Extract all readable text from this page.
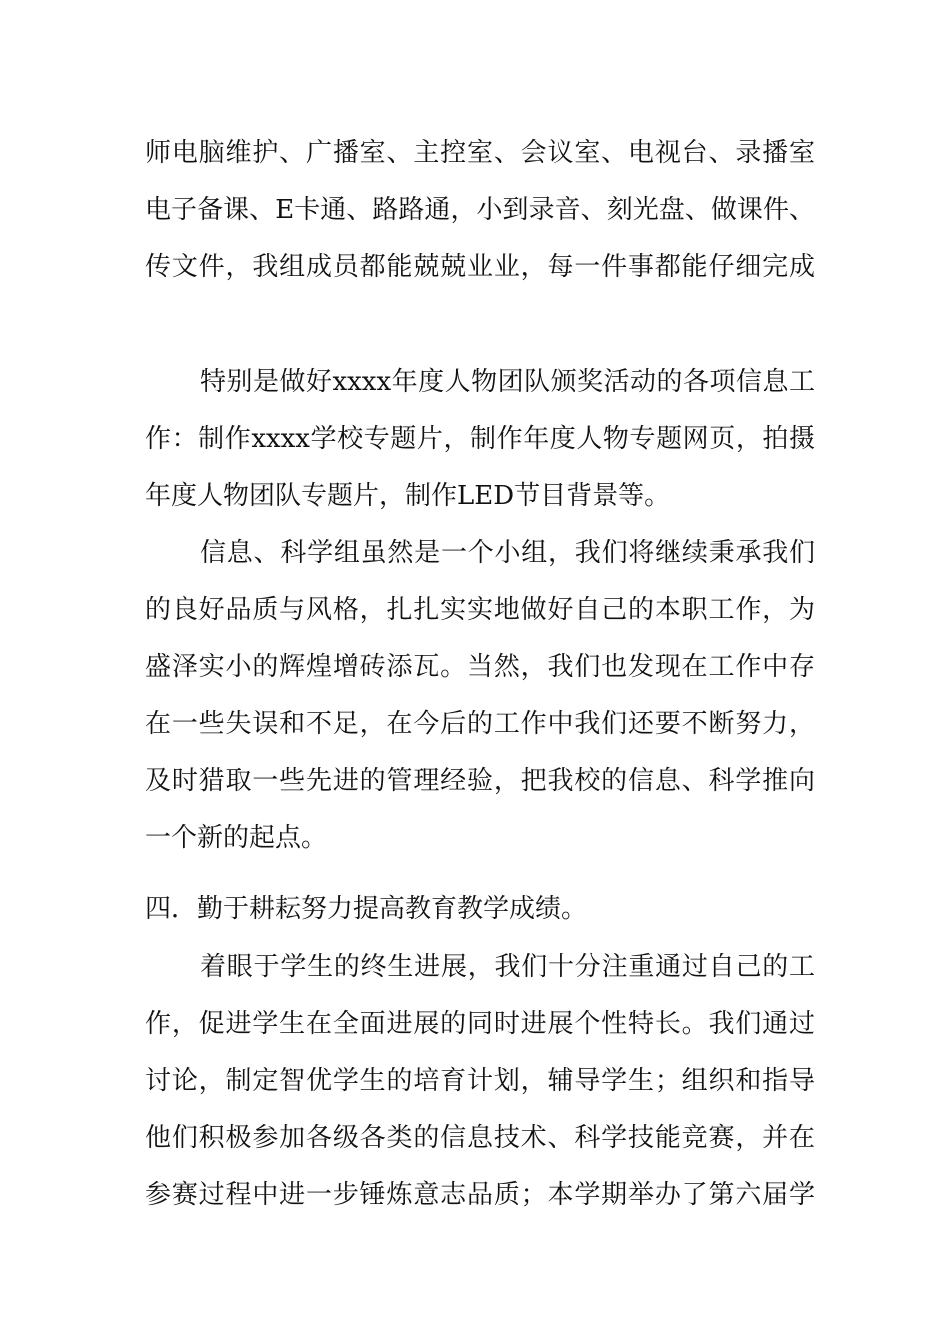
师电脑维护、广播室、主控室、会议室、电视台、录播室
电子备课、E卡通、路路通，小到录音、刻光盘、做课件、
传文件，我组成员都能兢兢业业，每一件事都能仔细完成
特别是做好xxxx年度人物团队颁奖活动的各项信息工
作：制作xxxx学校专题片，制作年度人物专题网页，拍摄
年度人物团队专题片，制作LED节目背景等。
信息、科学组虽然是一个小组，我们将继续秉承我们
的良好品质与风格，扎扎实实地做好自己的本职工作，为
盛泽实小的辉煌增砖添瓦。当然，我们也发现在工作中存
在一些失误和不足，在今后的工作中我们还要不断努力，
及时猎取一些先进的管理经验，把我校的信息、科学推向
一个新的起点。
四．勤于耕耘努力提高教育教学成绩。
着眼于学生的终生进展，我们十分注重通过自己的工
作，促进学生在全面进展的同时进展个性特长。我们通过
讨论，制定智优学生的培育计划，辅导学生；组织和指导
他们积极参加各级各类的信息技术、科学技能竞赛，并在
参赛过程中进一步锤炼意志品质；本学期举办了第六届学
